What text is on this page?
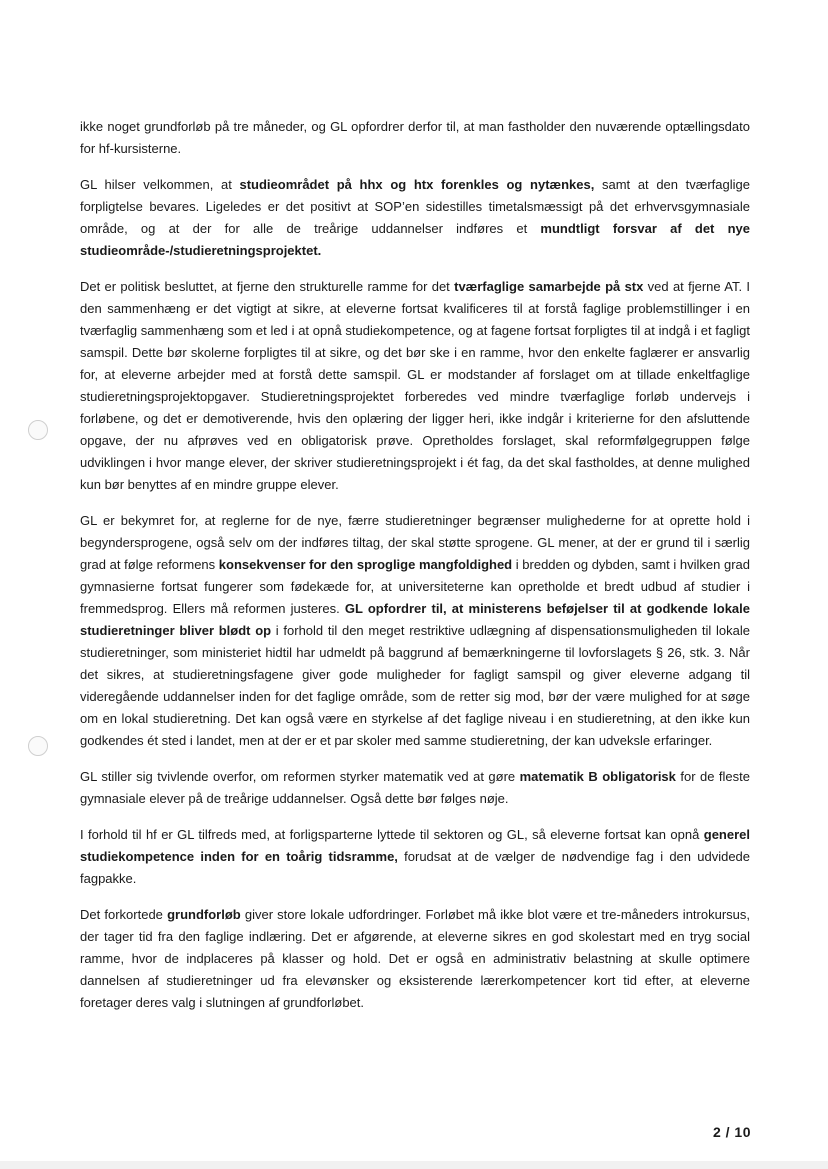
ikke noget grundforløb på tre måneder, og GL opfordrer derfor til, at man fastholder den nuværende optællingsdato for hf-kursisterne.

GL hilser velkommen, at studieområdet på hhx og htx forenkles og nytænkes, samt at den tværfaglige forpligtelse bevares. Ligeledes er det positivt at SOP’en sidestilles timetalsmæssigt på det erhvervsgymnasiale område, og at der for alle de treårige uddannelser indføres et mundtligt forsvar af det nye studieområde-/studieretningsprojektet.

Det er politisk besluttet, at fjerne den strukturelle ramme for det tværfaglige samarbejde på stx ved at fjerne AT. I den sammenhæng er det vigtigt at sikre, at eleverne fortsat kvalificeres til at forstå faglige problemstillinger i en tværfaglig sammenhæng som et led i at opnå studiekompetence, og at fagene fortsat forpligtes til at indgå i et fagligt samspil. Dette bør skolerne forpligtes til at sikre, og det bør ske i en ramme, hvor den enkelte faglærer er ansvarlig for, at eleverne arbejder med at forstå dette samspil. GL er modstander af forslaget om at tillade enkeltfaglige studieretningsprojektopgaver. Studieretningsprojektet forberedes ved mindre tværfaglige forløb undervejs i forløbene, og det er demotiverende, hvis den oplæring der ligger heri, ikke indgår i kriterierne for den afsluttende opgave, der nu afprøves ved en obligatorisk prøve. Opretholdes forslaget, skal reformfølgegruppen følge udviklingen i hvor mange elever, der skriver studieretningsprojekt i ét fag, da det skal fastholdes, at denne mulighed kun bør benyttes af en mindre gruppe elever.

GL er bekymret for, at reglerne for de nye, færre studieretninger begrænser mulighederne for at oprette hold i begyndersprogene, også selv om der indføres tiltag, der skal støtte sprogene. GL mener, at der er grund til i særlig grad at følge reformens konsekvenser for den sproglige mangfoldighed i bredden og dybden, samt i hvilken grad gymnasierne fortsat fungerer som fødekæde for, at universiteterne kan opretholde et bredt udbud af studier i fremmedsprog. Ellers må reformen justeres. GL opfordrer til, at ministerens beføjelser til at godkende lokale studieretninger bliver blødt op i forhold til den meget restriktive udlægning af dispensationsmuligheden til lokale studieretninger, som ministeriet hidtil har udmeldt på baggrund af bemærkningerne til lovforslagets § 26, stk. 3. Når det sikres, at studieretningsfagene giver gode muligheder for fagligt samspil og giver eleverne adgang til videregående uddannelser inden for det faglige område, som de retter sig mod, bør der være mulighed for at søge om en lokal studieretning. Det kan også være en styrkelse af det faglige niveau i en studieretning, at den ikke kun godkendes ét sted i landet, men at der er et par skoler med samme studieretning, der kan udveksle erfaringer.

GL stiller sig tvivlende overfor, om reformen styrker matematik ved at gøre matematik B obligatorisk for de fleste gymnasiale elever på de treårige uddannelser. Også dette bør følges nøje.

I forhold til hf er GL tilfreds med, at forligsparterne lyttede til sektoren og GL, så eleverne fortsat kan opnå generel studiekompetence inden for en toårig tidsramme, forudsat at de vælger de nødvendige fag i den udvidede fagpakke.

Det forkortede grundforløb giver store lokale udfordringer. Forløbet må ikke blot være et tre-måneders introkursus, der tager tid fra den faglige indlæring. Det er afgørende, at eleverne sikres en god skolestart med en tryg social ramme, hvor de indplaceres på klasser og hold. Det er også en administrativ belastning at skulle optimere dannelsen af studieretninger ud fra elevønsker og eksisterende lærerkompetencer kort tid efter, at eleverne foretager deres valg i slutningen af grundforløbet.

2 / 10
